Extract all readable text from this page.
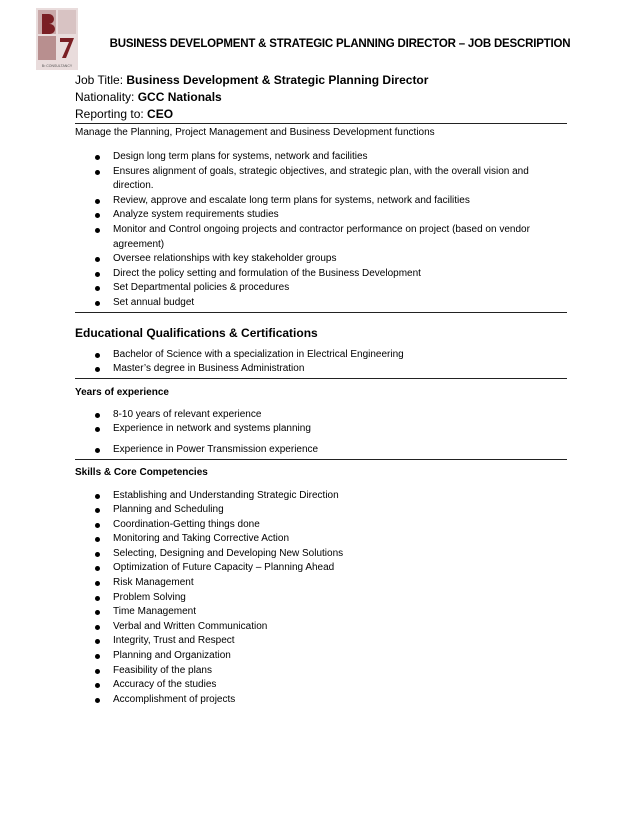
B² CONSULTANCY
BUSINESS DEVELOPMENT & STRATEGIC PLANNING DIRECTOR – JOB DESCRIPTION
Job Title: Business Development & Strategic Planning Director
Nationality: GCC Nationals
Reporting to: CEO
Manage the Planning, Project Management and Business Development functions
Design long term plans for systems, network and facilities
Ensures alignment of goals, strategic objectives, and strategic plan, with the overall vision and direction.
Review, approve and escalate long term plans for systems, network and facilities
Analyze system requirements studies
Monitor and Control ongoing projects and contractor performance on project (based on vendor agreement)
Oversee relationships with key stakeholder groups
Direct the policy setting and formulation of the Business Development
Set Departmental policies & procedures
Set annual budget
Educational Qualifications & Certifications
Bachelor of Science with a specialization in Electrical Engineering
Master’s degree in Business Administration
Years of experience
8-10 years of relevant experience
Experience in network and systems planning
Experience in Power Transmission experience
Skills & Core Competencies
Establishing and Understanding Strategic Direction
Planning and Scheduling
Coordination-Getting things done
Monitoring and Taking Corrective Action
Selecting, Designing and Developing New Solutions
Optimization of Future Capacity – Planning Ahead
Risk Management
Problem Solving
Time Management
Verbal and Written Communication
Integrity, Trust and Respect
Planning and Organization
Feasibility of the plans
Accuracy of the studies
Accomplishment of projects
